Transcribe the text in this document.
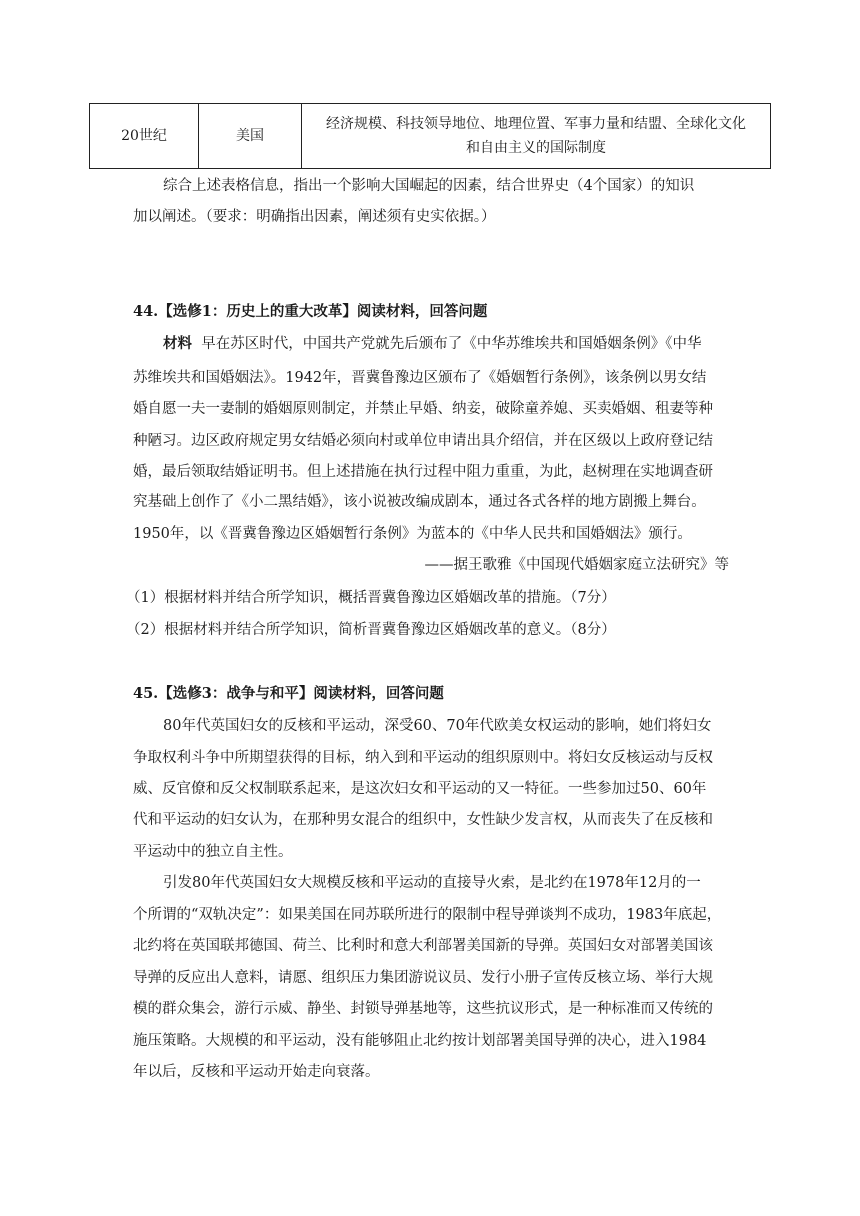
20世纪	美国	经济规模、科技领导地位、地理位置、军事力量和结盟、全球化文化
和自由主义的国际制度
综合上述表格信息，指出一个影响大国崛起的因素，结合世界史（4个国家）的知识
加以阐述。（要求：明确指出因素，阐述须有史实依据。）
44.【选修1：历史上的重大改革】阅读材料，回答问题
材料 早在苏区时代，中国共产党就先后颁布了《中华苏维埃共和国婚姻条例》《中华
苏维埃共和国婚姻法》。1942年，晋冀鲁豫边区颁布了《婚姻暂行条例》，该条例以男女结
婚自愿一夫一妻制的婚姻原则制定，并禁止早婚、纳妾，破除童养媳、买卖婚姻、租妻等种
种陋习。边区政府规定男女结婚必须向村或单位申请出具介绍信，并在区级以上政府登记结
婚，最后领取结婚证明书。但上述措施在执行过程中阻力重重，为此，赵树理在实地调查研
究基础上创作了《小二黑结婚》，该小说被改编成剧本，通过各式各样的地方剧搬上舞台。
1950年，以《晋冀鲁豫边区婚姻暂行条例》为蓝本的《中华人民共和国婚姻法》颁行。
——据王歌雅《中国现代婚姻家庭立法研究》等
（1）根据材料并结合所学知识，概括晋冀鲁豫边区婚姻改革的措施。（7分）
（2）根据材料并结合所学知识，简析晋冀鲁豫边区婚姻改革的意义。（8分）
45.【选修3：战争与和平】阅读材料，回答问题
80年代英国妇女的反核和平运动，深受60、70年代欧美女权运动的影响，她们将妇女
争取权利斗争中所期望获得的目标，纳入到和平运动的组织原则中。将妇女反核运动与反权
威、反官僚和反父权制联系起来，是这次妇女和平运动的又一特征。一些参加过50、60年
代和平运动的妇女认为，在那种男女混合的组织中，女性缺少发言权，从而丧失了在反核和
平运动中的独立自主性。
引发80年代英国妇女大规模反核和平运动的直接导火索，是北约在1978年12月的一
个所谓的“双轨决定”：如果美国在同苏联所进行的限制中程导弹谈判不成功，1983年底起，
北约将在英国联邦德国、荷兰、比利时和意大利部署美国新的导弹。英国妇女对部署美国该
导弹的反应出人意料，请愿、组织压力集团游说议员、发行小册子宣传反核立场、举行大规
模的群众集会，游行示威、静坐、封锁导弹基地等，这些抗议形式，是一种标准而又传统的
施压策略。大规模的和平运动，没有能够阻止北约按计划部署美国导弹的决心，进入1984
年以后，反核和平运动开始走向衰落。
